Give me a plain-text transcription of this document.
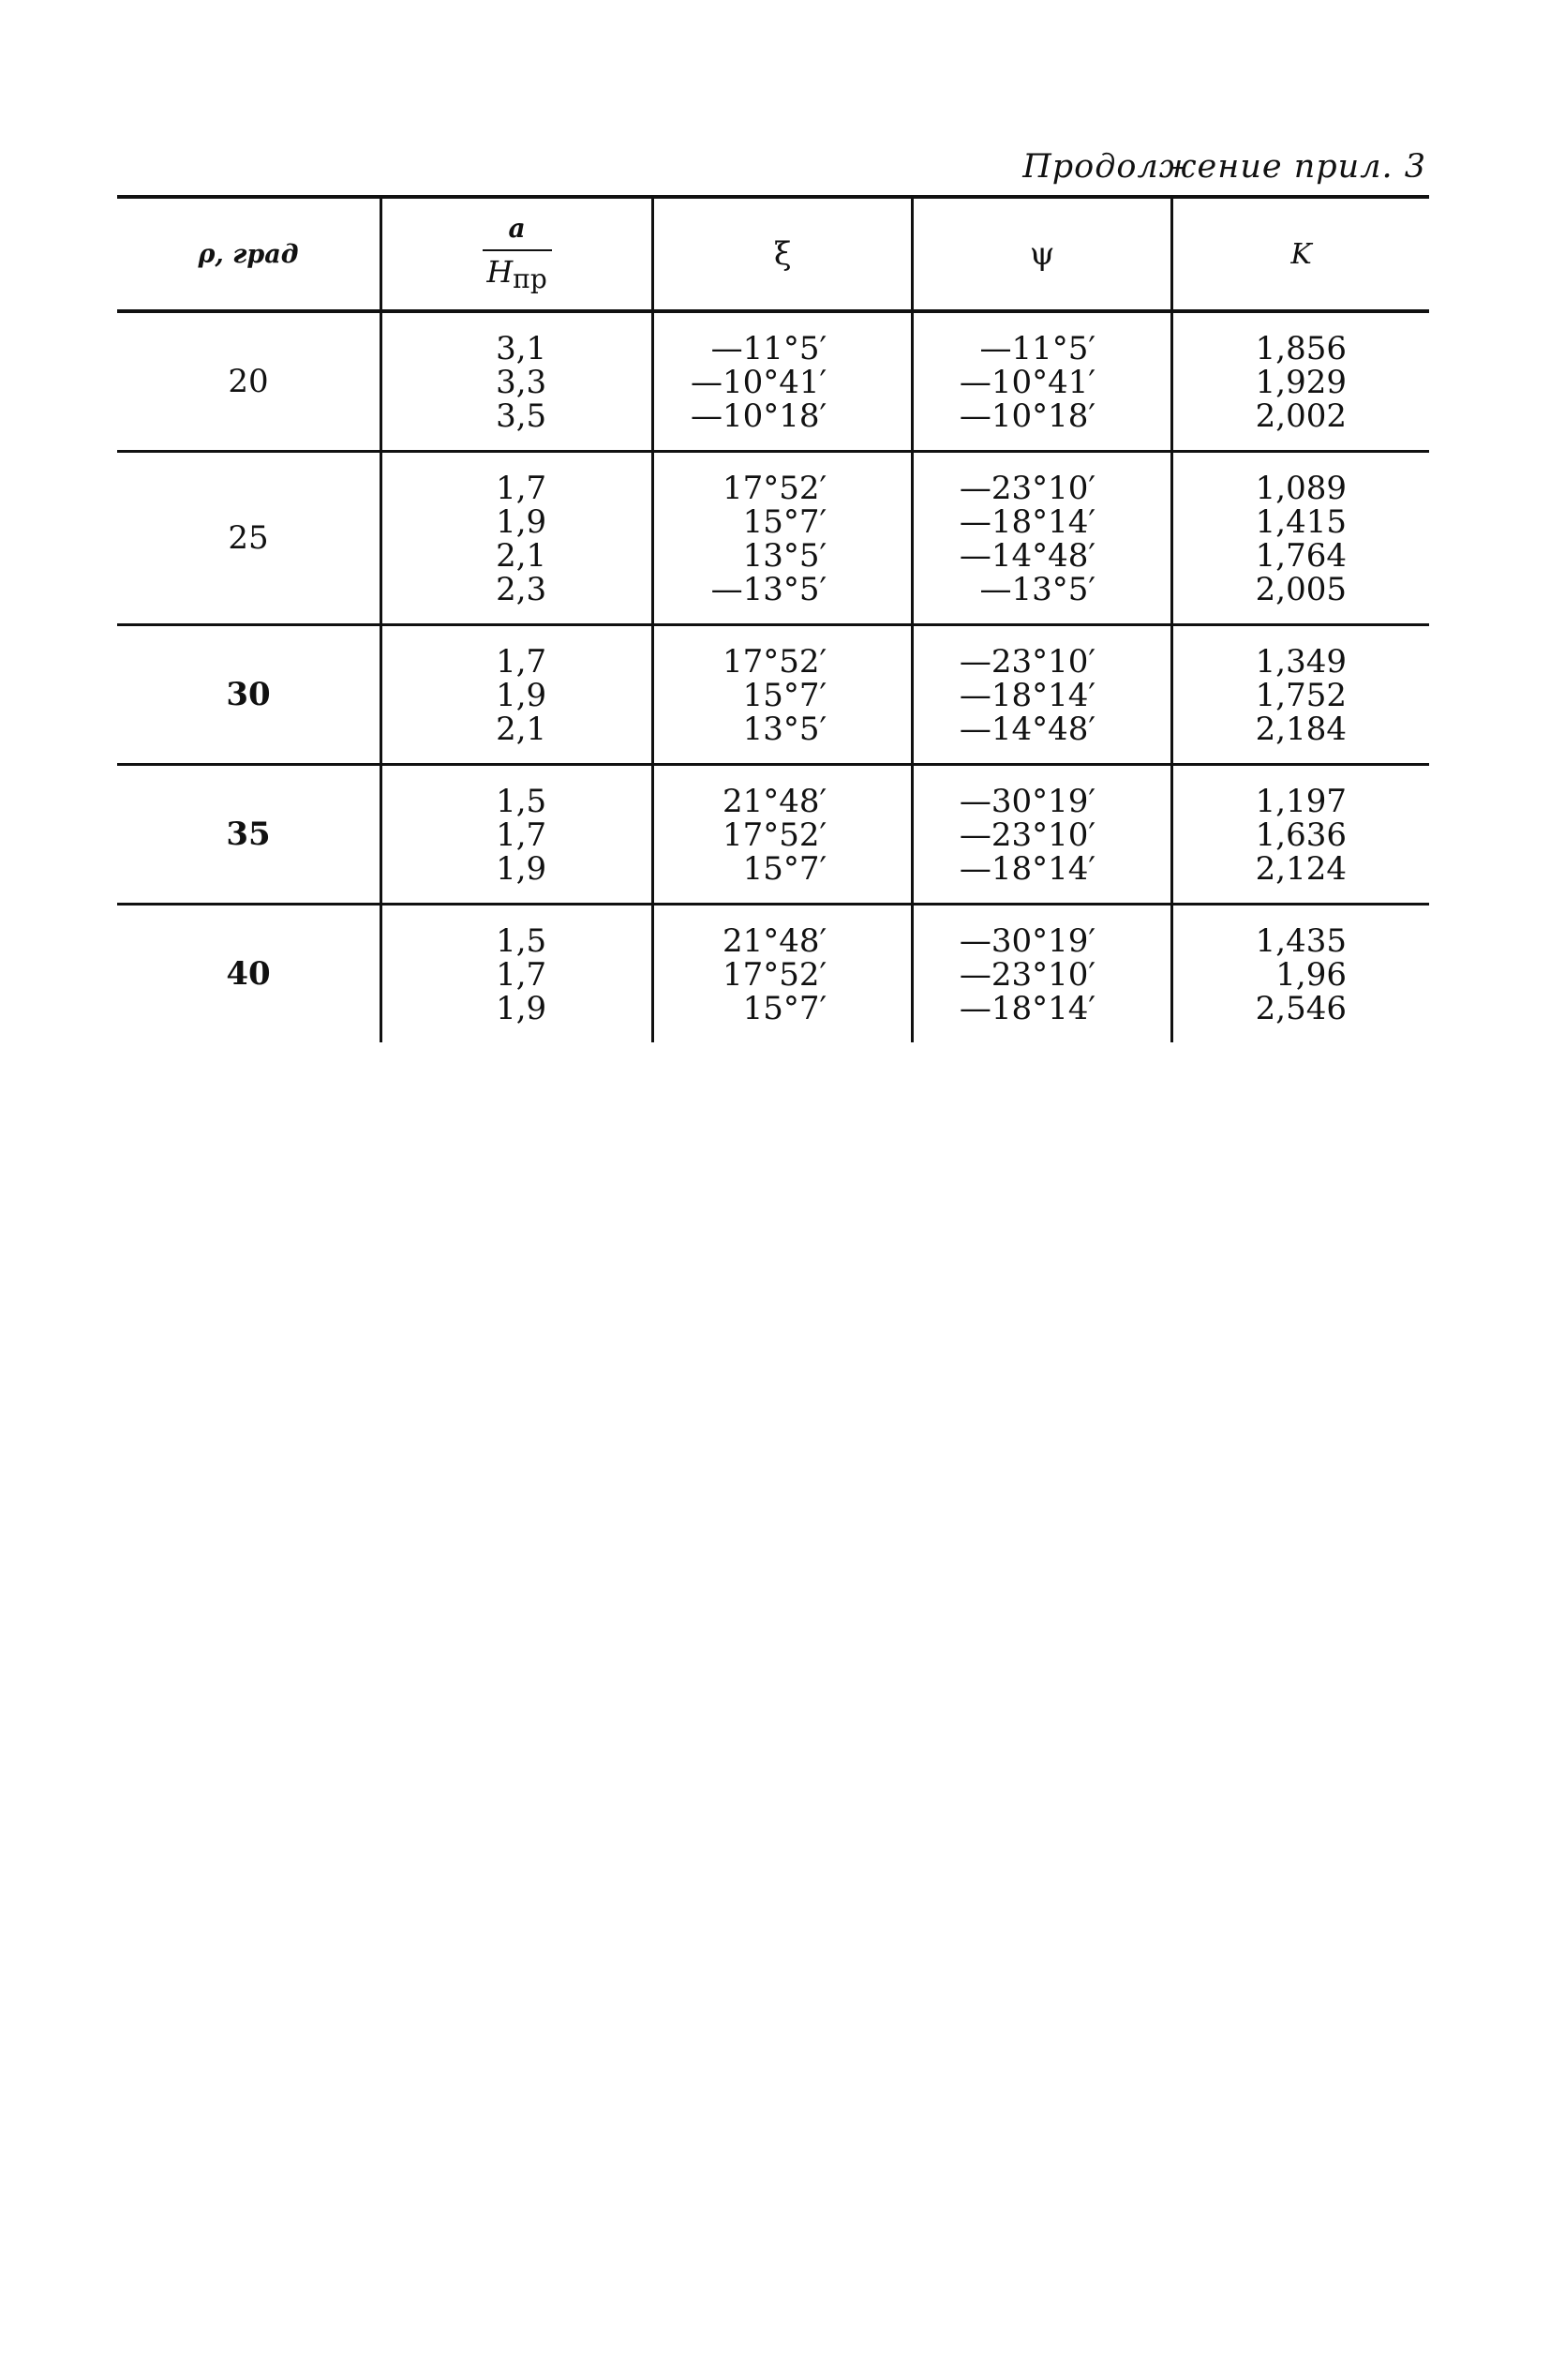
Продолжение прил. 3
ρ, град	$\frac{a}{H_{пр}}$	ξ	ψ	K
20	3,1
3,3
3,5	—11°5′
—10°41′
—10°18′	—11°5′
—10°41′
—10°18′	1,856
1,929
2,002

25	1,7
1,9
2,1
2,3	17°52′
15°7′
13°5′
—13°5′	—23°10′
—18°14′
—14°48′
—13°5′	1,089
1,415
1,764
2,005

30	1,7
1,9
2,1	17°52′
15°7′
13°5′	—23°10′
—18°14′
—14°48′	1,349
1,752
2,184

35	1,5
1,7
1,9	21°48′
17°52′
15°7′	—30°19′
—23°10′
—18°14′	1,197
1,636
2,124

40	1,5
1,7
1,9	21°48′
17°52′
15°7′	—30°19′
—23°10′
—18°14′	1,435
1,96
2,546
